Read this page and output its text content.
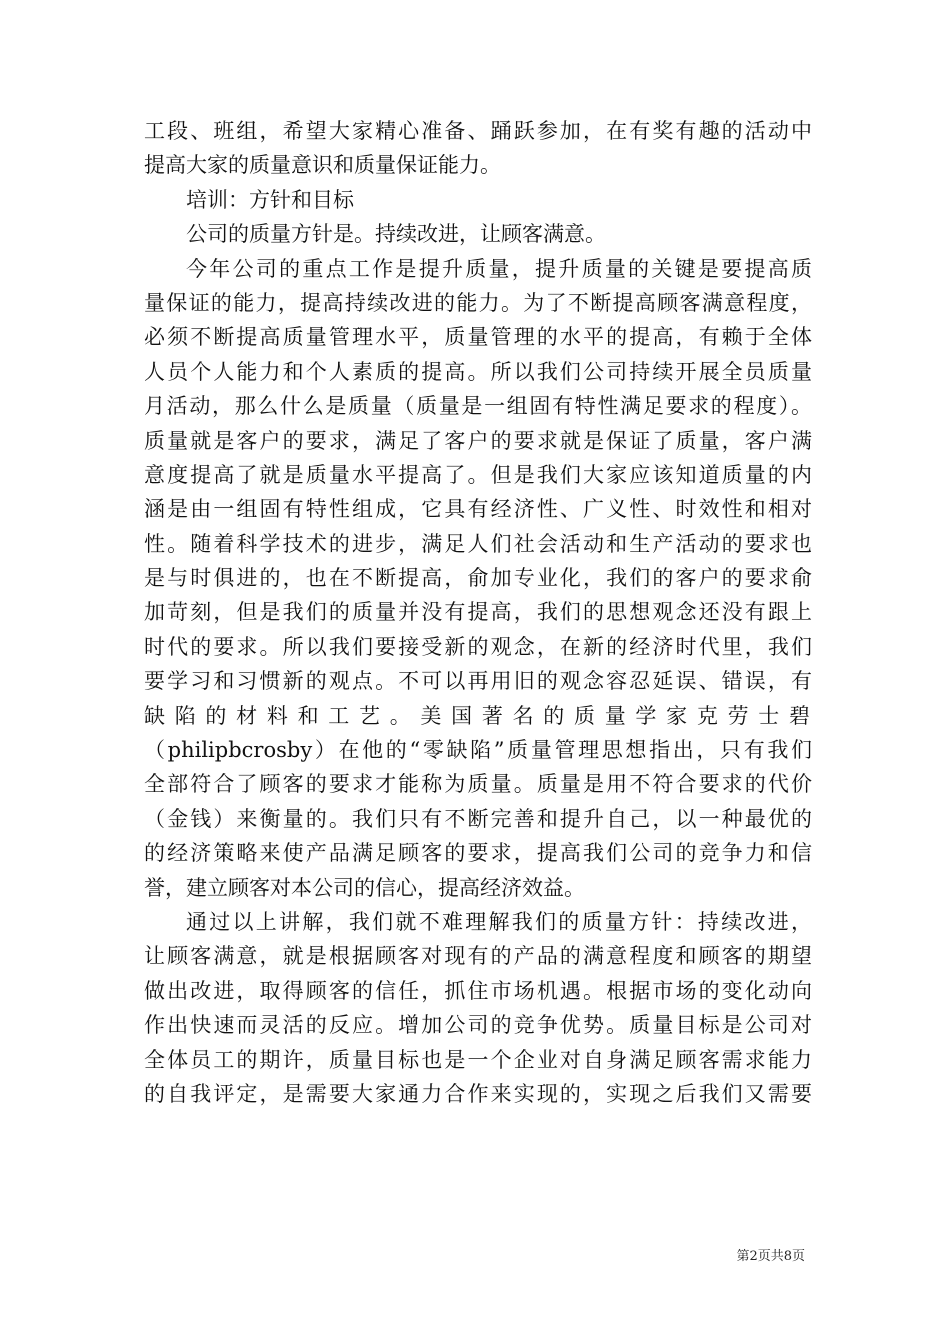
工段、班组，希望大家精心准备、踊跃参加，在有奖有趣的活动中
提高大家的质量意识和质量保证能力。
培训：方针和目标
公司的质量方针是。持续改进，让顾客满意。
今年公司的重点工作是提升质量，提升质量的关键是要提高质
量保证的能力，提高持续改进的能力。为了不断提高顾客满意程度，
必须不断提高质量管理水平，质量管理的水平的提高，有赖于全体
人员个人能力和个人素质的提高。所以我们公司持续开展全员质量
月活动，那么什么是质量（质量是一组固有特性满足要求的程度）。
质量就是客户的要求，满足了客户的要求就是保证了质量，客户满
意度提高了就是质量水平提高了。但是我们大家应该知道质量的内
涵是由一组固有特性组成，它具有经济性、广义性、时效性和相对
性。随着科学技术的进步，满足人们社会活动和生产活动的要求也
是与时俱进的，也在不断提高，俞加专业化，我们的客户的要求俞
加苛刻，但是我们的质量并没有提高，我们的思想观念还没有跟上
时代的要求。所以我们要接受新的观念，在新的经济时代里，我们
要学习和习惯新的观点。不可以再用旧的观念容忍延误、错误，有
缺陷的材料和工艺。美国著名的质量学家克劳士碧
（philipbcrosby）在他的“零缺陷”质量管理思想指出，只有我们
全部符合了顾客的要求才能称为质量。质量是用不符合要求的代价
（金钱）来衡量的。我们只有不断完善和提升自己，以一种最优的
的经济策略来使产品满足顾客的要求，提高我们公司的竞争力和信
誉，建立顾客对本公司的信心，提高经济效益。
通过以上讲解，我们就不难理解我们的质量方针：持续改进，
让顾客满意，就是根据顾客对现有的产品的满意程度和顾客的期望
做出改进，取得顾客的信任，抓住市场机遇。根据市场的变化动向
作出快速而灵活的反应。增加公司的竞争优势。质量目标是公司对
全体员工的期许，质量目标也是一个企业对自身满足顾客需求能力
的自我评定，是需要大家通力合作来实现的，实现之后我们又需要
第2页共8页
